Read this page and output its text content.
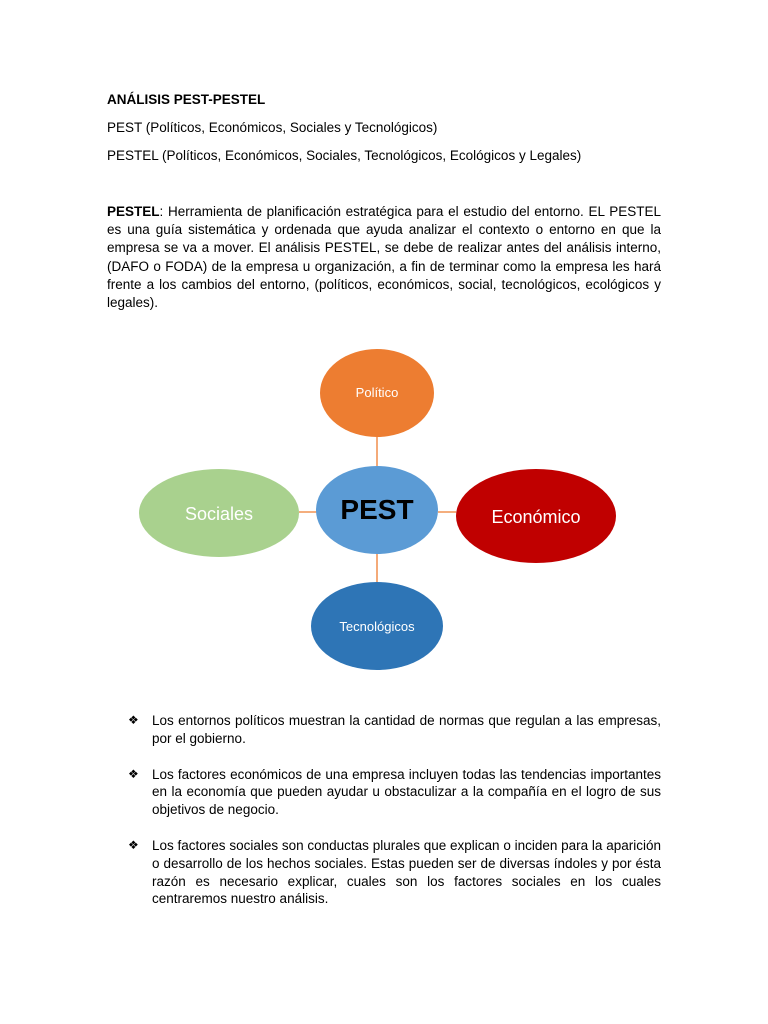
ANÁLISIS PEST-PESTEL
PEST (Políticos, Económicos, Sociales y Tecnológicos)
PESTEL (Políticos, Económicos, Sociales, Tecnológicos, Ecológicos y Legales)
PESTEL: Herramienta de planificación estratégica para el estudio del entorno. EL PESTEL es una guía sistemática y ordenada que ayuda analizar el contexto o entorno en que la empresa se va a mover. El análisis PESTEL, se debe de realizar antes del análisis interno, (DAFO o FODA) de la empresa u organización, a fin de terminar como la empresa les hará frente a los cambios del entorno, (políticos, económicos, social, tecnológicos, ecológicos y legales).
Político
Sociales	PEST	Económico
Tecnológicos
❖ Los entornos políticos muestran la cantidad de normas que regulan a las empresas, por el gobierno.
❖ Los factores económicos de una empresa incluyen todas las tendencias importantes en la economía que pueden ayudar u obstaculizar a la compañía en el logro de sus objetivos de negocio.
❖ Los factores sociales son conductas plurales que explican o inciden para la aparición o desarrollo de los hechos sociales. Estas pueden ser de diversas índoles y por ésta razón es necesario explicar, cuales son los factores sociales en los cuales centraremos nuestro análisis.
